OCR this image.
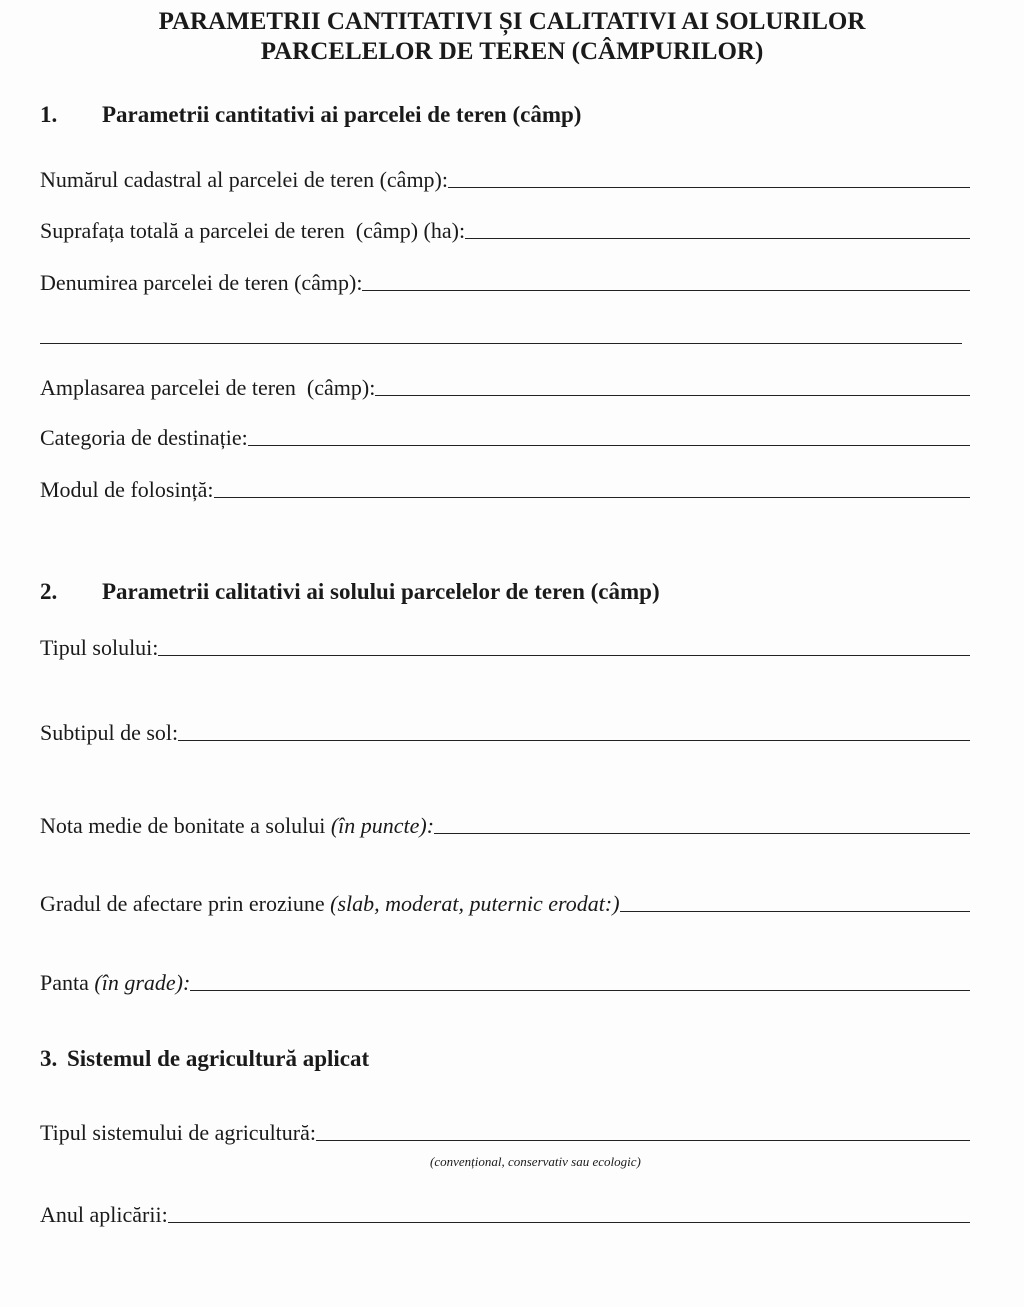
PARAMETRII CANTITATIVI ȘI CALITATIVI AI SOLURILOR
PARCELELOR DE TEREN (CÂMPURILOR)
1. Parametrii cantitativi ai parcelei de teren (câmp)
Numărul cadastral al parcelei de teren (câmp):
Suprafața totală a parcelei de teren  (câmp) (ha):
Denumirea parcelei de teren (câmp):
Amplasarea parcelei de teren  (câmp):
Categoria de destinație:
Modul de folosință:
2. Parametrii calitativi ai solului parcelelor de teren (câmp)
Tipul solului:
Subtipul de sol:
Nota medie de bonitate a solului (în puncte):
Gradul de afectare prin eroziune (slab, moderat, puternic erodat:)
Panta (în grade):
3. Sistemul de agricultură aplicat
Tipul sistemului de agricultură:
(convențional, conservativ sau ecologic)
Anul aplicării:
